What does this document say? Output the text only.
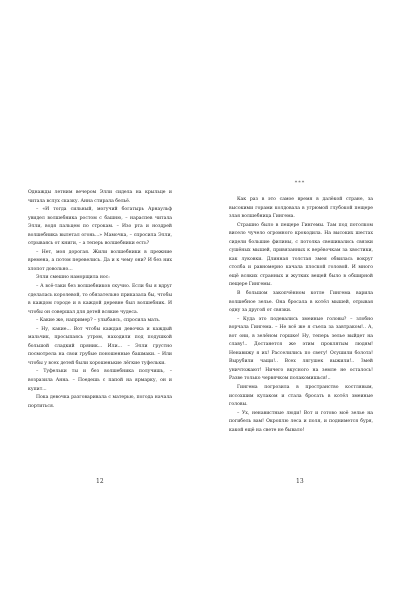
Однажды летним вечером Элли сидела на крыльце и читала вслух сказку. Анна стирала бельё.

– «И тогда сильный, могучий богатырь Арнаульф увидел волшебника ростом с башню, – нараспев читала Элли, водя пальцем по строкам. – Изо рта и ноздрей волшебника вылетал огонь...» Мамочка, – спросила Элли, отрываясь от книги, – а теперь волшебники есть?

– Нет, моя дорогая. Жили волшебники в прежние времена, а потом перевелись. Да и к чему они? И без них хлопот довольно...

Элли смешно наморщила нос:

– А всё-таки без волшебников скучно. Если бы я вдруг сделалась королевой, то обязательно приказала бы, чтобы в каждом городе и в каждой деревне был волшебник. И чтобы он совершал для детей всякие чудеса.

– Какие же, например? – улыбаясь, спросила мать.

– Ну, какие... Вот чтобы каждая девочка и каждый мальчик, просыпаясь утром, находили под подушкой большой сладкий пряник... Или... – Элли грустно посмотрела на свои грубые поношенные башмаки. – Или чтобы у всех детей были хорошенькие лёгкие туфельки.

– Туфельки ты и без волшебника получишь, – возразила Анна. – Поедешь с папой на ярмарку, он и купит...

Пока девочка разговаривала с матерью, погода начала портиться.

12
***

Как раз в это самое время в далёкой стране, за высокими горами колдовала в угрюмой глубокой пещере злая волшебница Гингема.

Страшно было в пещере Гингемы. Там под потолком висело чучело огромного крокодила. На высоких шестах сидели большие филины, с потолка свешивались связки сушёных мышей, привязанных к верёвочкам за хвостики, как луковки. Длинная толстая змея обвилась вокруг столба и равномерно качала плоской головой. И много ещё всяких странных и жутких вещей было в обширной пещере Гингемы.

В большом закопчённом котле Гингема варила волшебное зелье. Она бросала в котёл мышей, отрывая одну за другой от связки.

– Куда это подевались змеиные головы? – злобно ворчала Гингема. – Не всё же я съела за завтраком!.. А, вот они, в зелёном горшке! Ну, теперь зелье выйдет на славу!.. Достанется же этим проклятым людям! Ненавижу я их! Расселились по свету! Осушили болота! Вырубили чащи!.. Всех лягушек выжили!.. Змей уничтожают! Ничего вкусного на земле не осталось! Разве только червячком полакомишься!..

Гингема погрозила в пространство костлявым, иссохшим кулаком и стала бросать в котёл змеиные головы.

– Ух, ненавистные люди! Вот и готово моё зелье на погибель вам! Окроплю леса и поля, и поднимется буря, какой ещё на свете не бывало!

13
